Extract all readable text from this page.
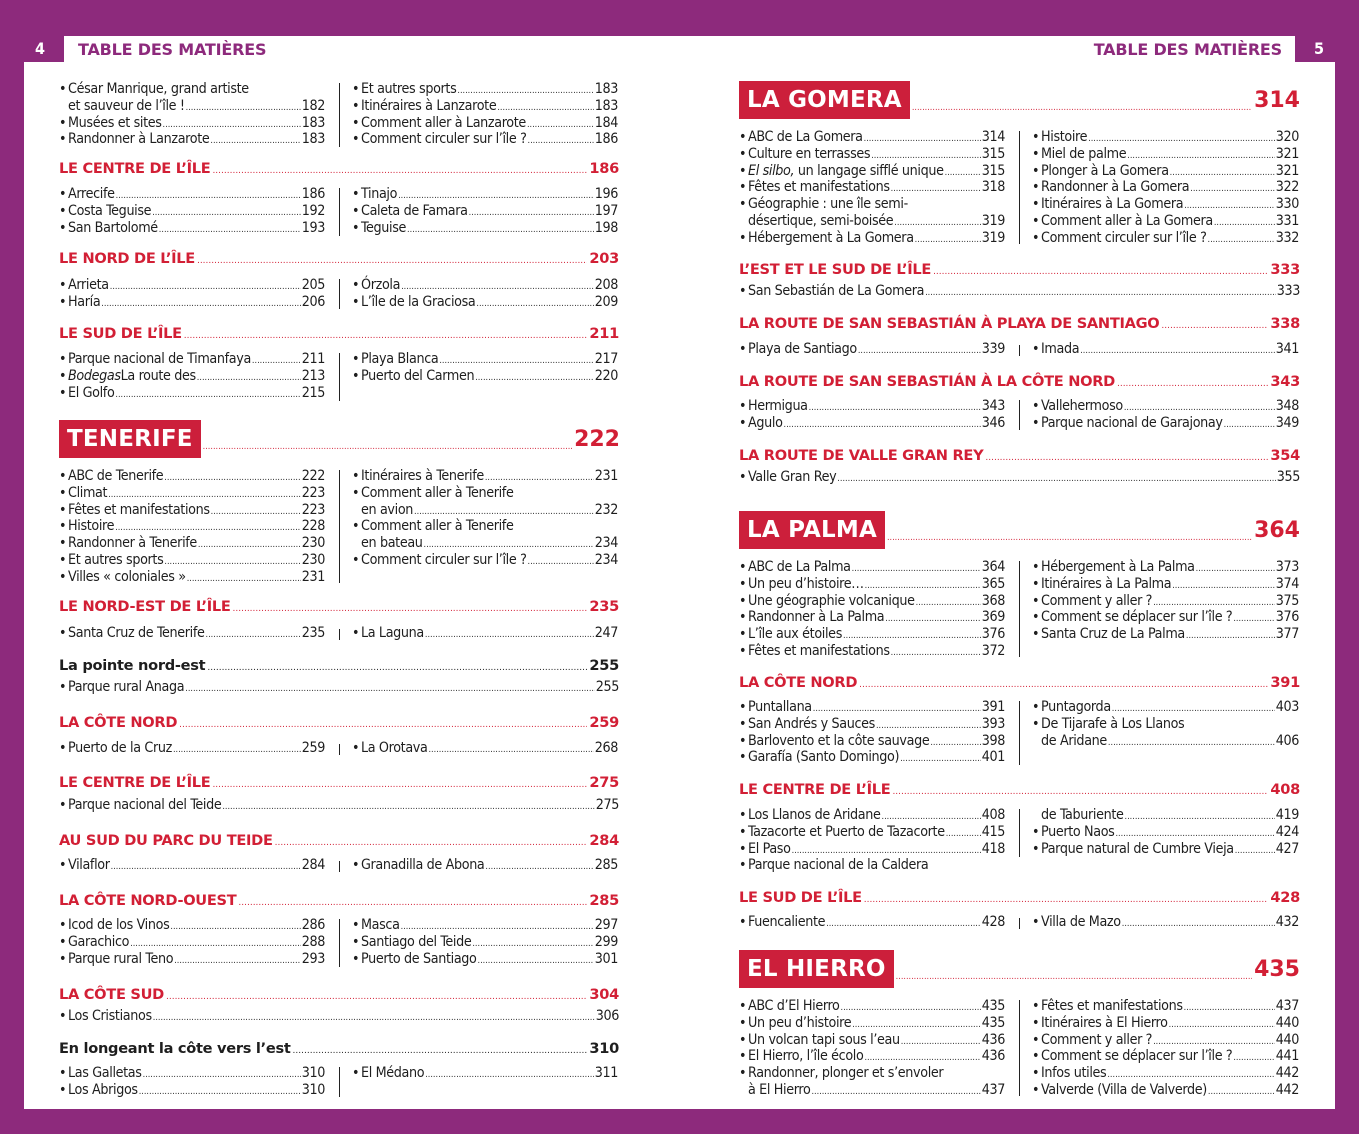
4	TABLE DES MATIÈRES	TABLE DES MATIÈRES	5
• César Manrique, grand artiste
et sauveur de l’île ! .....	182
• Musées et sites .....	183
• Randonner à Lanzarote .....	183
• Et autres sports .....	183
• Itinéraires à Lanzarote .....	183
• Comment aller à Lanzarote .....	184
• Comment circuler sur l’île ? .....	186
LE CENTRE DE L’ÎLE .....	186
• Arrecife .....	186
• Costa Teguise .....	192
• San Bartolomé .....	193
• Tinajo .....	196
• Caleta de Famara .....	197
• Teguise .....	198
LE NORD DE L’ÎLE .....	203
• Arrieta .....	205
• Haría .....	206
• Órzola .....	208
• L’île de la Graciosa .....	209
LE SUD DE L’ÎLE .....	211
• Parque nacional de Timanfaya .....	211
• BodegasLa route des .....	213
• El Golfo .....	215
• Playa Blanca .....	217
• Puerto del Carmen .....	220
TENERIFE .....	222
• ABC de Tenerife .....	222
• Climat .....	223
• Fêtes et manifestations .....	223
• Histoire .....	228
• Randonner à Tenerife .....	230
• Et autres sports .....	230
• Villes « coloniales » .....	231
• Itinéraires à Tenerife .....	231
• Comment aller à Tenerife
en avion .....	232
• Comment aller à Tenerife
en bateau .....	234
• Comment circuler sur l’île ? .....	234
LE NORD-EST DE L’ÎLE .....	235
• Santa Cruz de Tenerife .....	235 • La Laguna .....	247
La pointe nord-est .....	255
• Parque rural Anaga .....	255
LA CÔTE NORD .....	259
• Puerto de la Cruz .....	259 • La Orotava .....	268
LE CENTRE DE L’ÎLE .....	275
• Parque nacional del Teide .....	275
AU SUD DU PARC DU TEIDE .....	284
• Vilaflor .....	284 • Granadilla de Abona .....	285
LA CÔTE NORD-OUEST .....	285
• Icod de los Vinos .....	286
• Garachico .....	288
• Parque rural Teno .....	293
• Masca .....	297
• Santiago del Teide .....	299
• Puerto de Santiago .....	301
LA CÔTE SUD .....	304
• Los Cristianos .....	306
En longeant la côte vers l’est .....	310
• Las Galletas .....	310
• Los Abrigos .....	310
• El Médano .....	311
LA GOMERA .....	314
• ABC de La Gomera .....	314
• Culture en terrasses .....	315
• El silbo, un langage sifflé unique .....	315
• Fêtes et manifestations .....	318
• Géographie : une île semi-
désertique, semi-boisée .....	319
• Hébergement à La Gomera .....	319
• Histoire .....	320
• Miel de palme .....	321
• Plonger à La Gomera .....	321
• Randonner à La Gomera .....	322
• Itinéraires à La Gomera .....	330
• Comment aller à La Gomera .....	331
• Comment circuler sur l’île ? .....	332
L’EST ET LE SUD DE L’ÎLE .....	333
• San Sebastián de La Gomera .....	333
LA ROUTE DE SAN SEBASTIÁN À PLAYA DE SANTIAGO .....	338
• Playa de Santiago .....	339 • Imada .....	341
LA ROUTE DE SAN SEBASTIÁN À LA CÔTE NORD .....	343
• Hermigua .....	343
• Agulo .....	346
• Vallehermoso .....	348
• Parque nacional de Garajonay .....	349
LA ROUTE DE VALLE GRAN REY .....	354
• Valle Gran Rey .....	355
LA PALMA .....	364
• ABC de La Palma .....	364
• Un peu d’histoire… .....	365
• Une géographie volcanique .....	368
• Randonner à La Palma .....	369
• L’île aux étoiles .....	376
• Fêtes et manifestations .....	372
• Hébergement à La Palma .....	373
• Itinéraires à La Palma .....	374
• Comment y aller ? .....	375
• Comment se déplacer sur l’île ? .....	376
• Santa Cruz de La Palma .....	377
LA CÔTE NORD .....	391
• Puntallana .....	391
• San Andrés y Sauces .....	393
• Barlovento et la côte sauvage .....	398
• Garafía (Santo Domingo) .....	401
• Puntagorda .....	403
• De Tijarafe à Los Llanos
de Aridane .....	406
LE CENTRE DE L’ÎLE .....	408
• Los Llanos de Aridane .....	408
• Tazacorte et Puerto de Tazacorte .....	415
• El Paso .....	418
• Parque nacional de la Caldera
de Taburiente .....	419
• Puerto Naos .....	424
• Parque natural de Cumbre Vieja .....	427
LE SUD DE L’ÎLE .....	428
• Fuencaliente .....	428 • Villa de Mazo .....	432
EL HIERRO .....	435
• ABC d’El Hierro .....	435
• Un peu d’histoire .....	435
• Un volcan tapi sous l’eau .....	436
• El Hierro, l’île écolo .....	436
• Randonner, plonger et s’envoler
à El Hierro .....	437
• Fêtes et manifestations .....	437
• Itinéraires à El Hierro .....	440
• Comment y aller ? .....	440
• Comment se déplacer sur l’île ? .....	441
• Infos utiles .....	442
• Valverde (Villa de Valverde) .....	442
